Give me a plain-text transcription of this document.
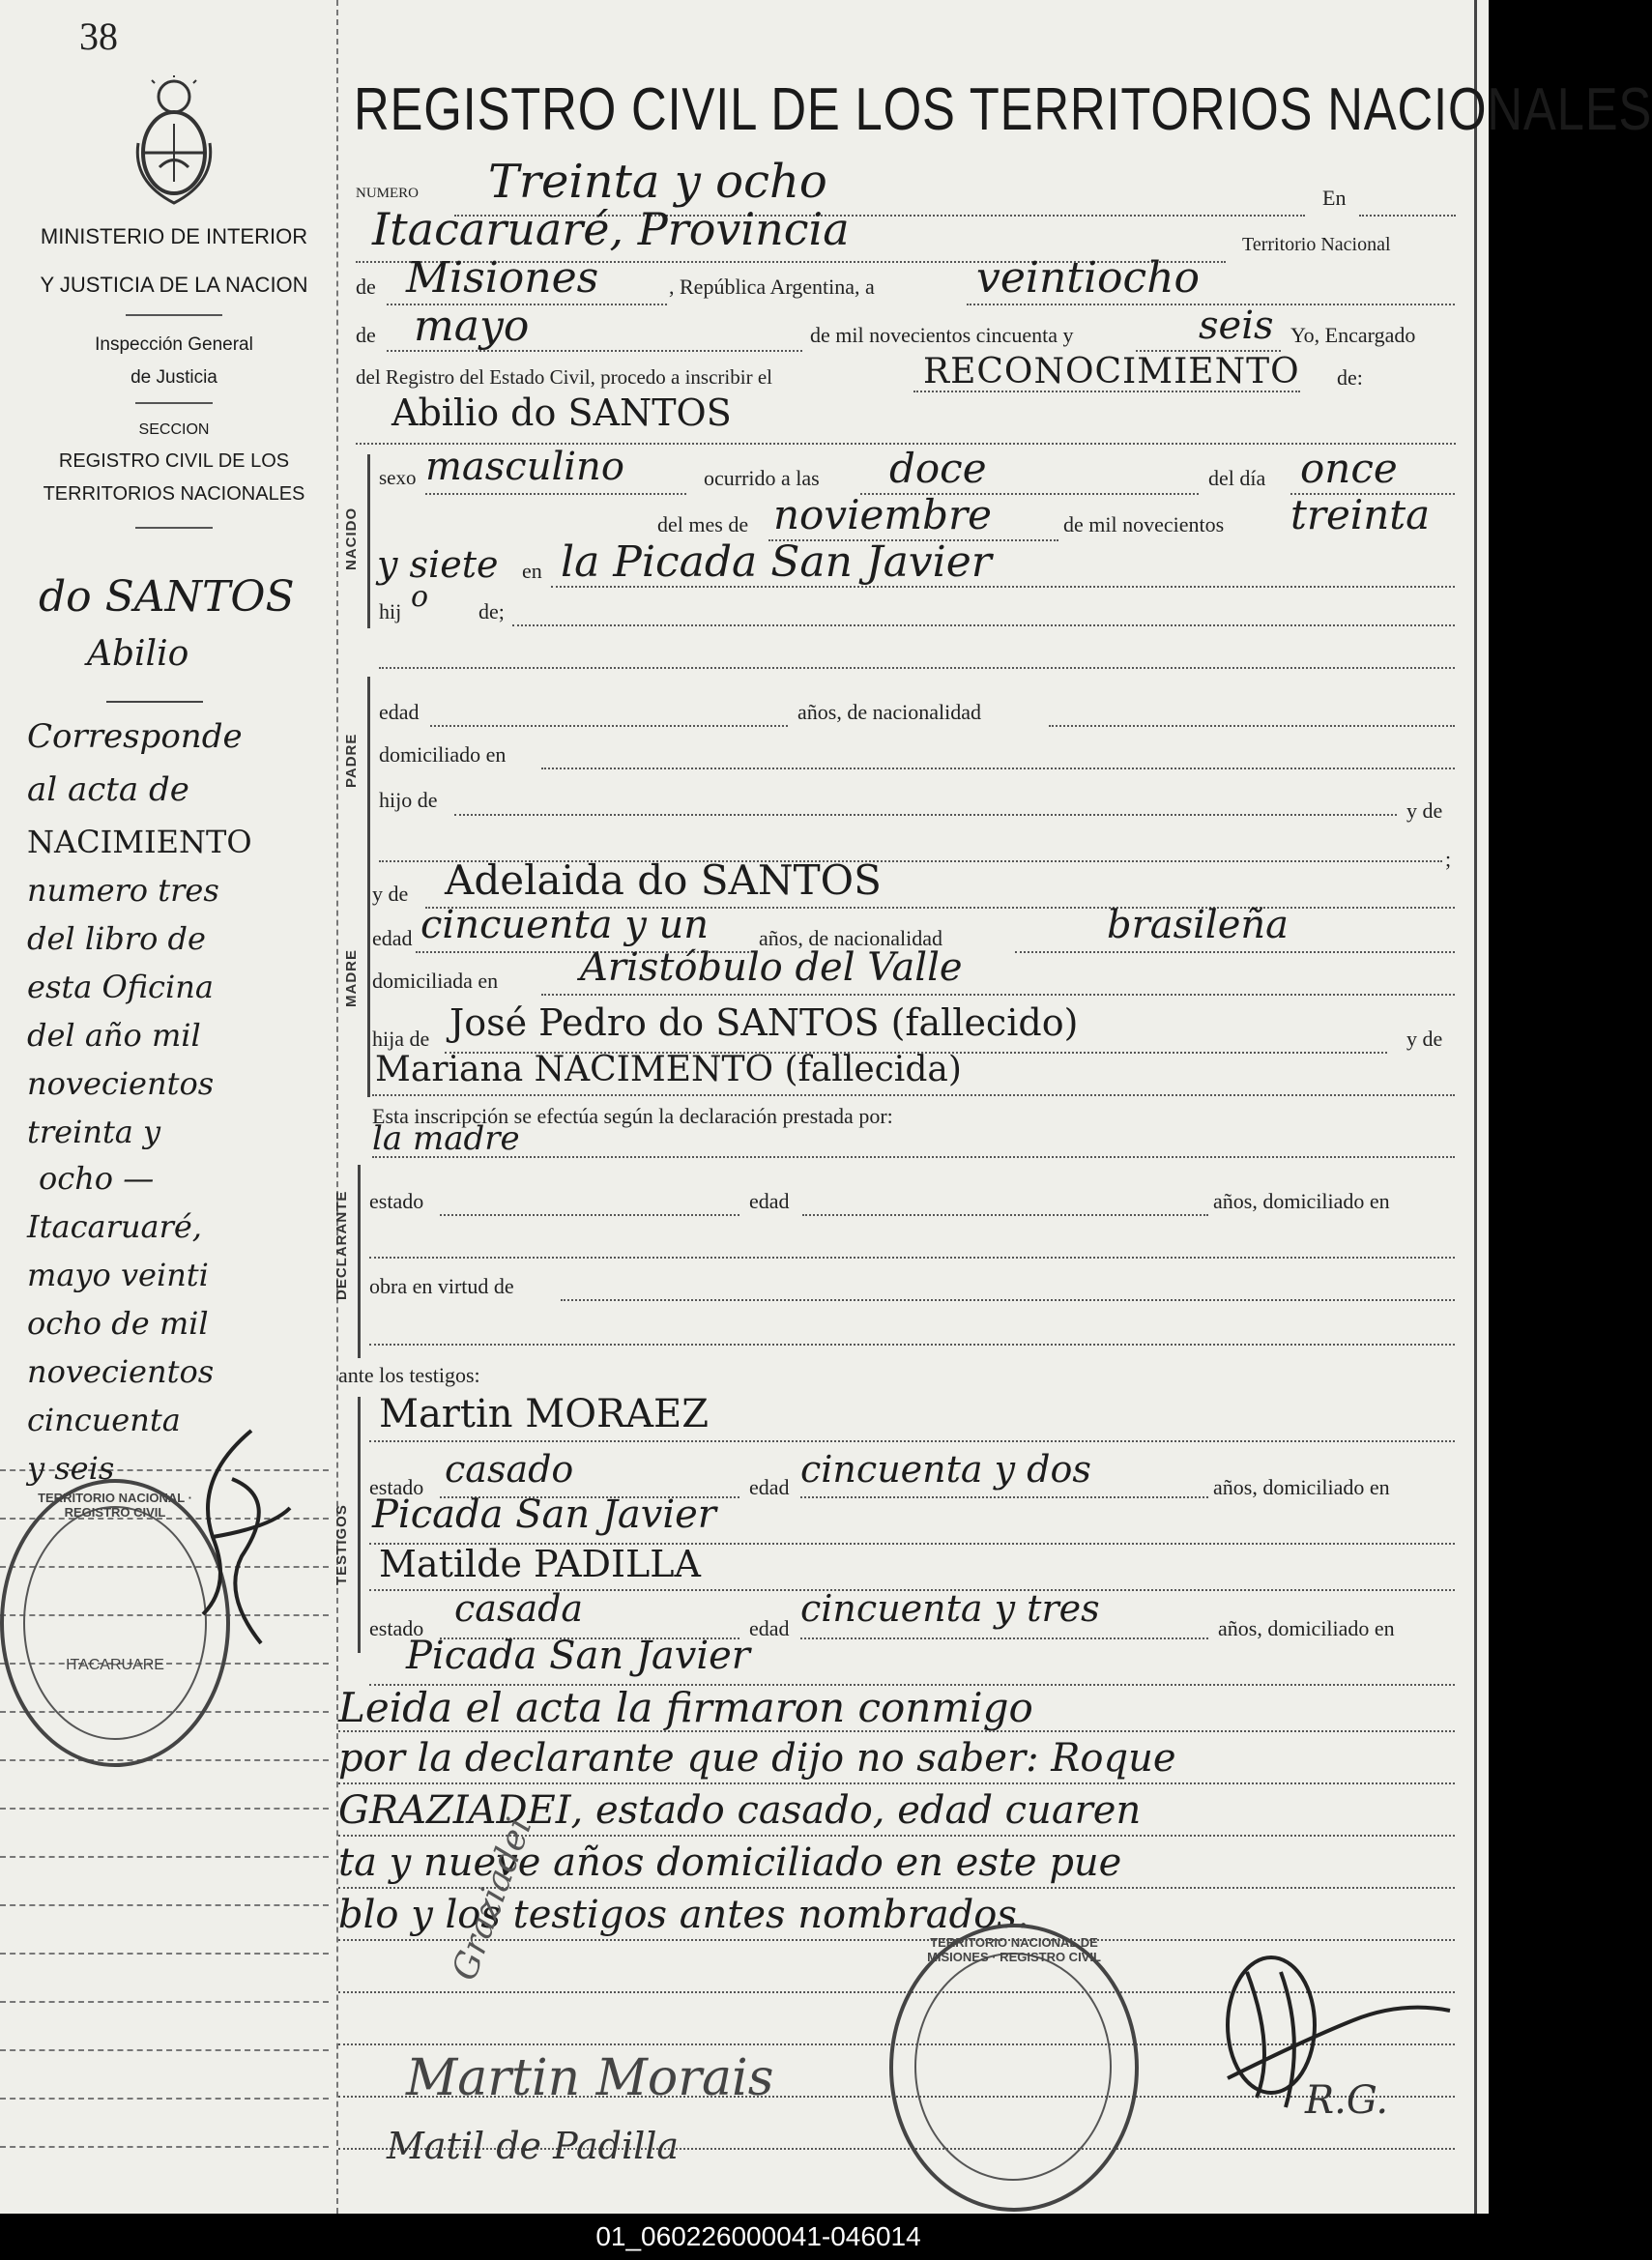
38
MINISTERIO DE INTERIOR
Y JUSTICIA DE LA NACION
Inspección General
de Justicia
SECCION
REGISTRO CIVIL DE LOS
TERRITORIOS NACIONALES
do SANTOS
Abilio
Corresponde
al acta de
NACIMIENTO
numero tres
del libro de
esta Oficina
del año mil
novecientos
treinta y
ocho —
Itacaruaré,
mayo veinti
ocho de mil
novecientos
cincuenta
y seis
TERRITORIO NACIONAL · REGISTRO CIVIL
ITACARUARE
REGISTRO CIVIL DE LOS TERRITORIOS NACIONALES
NUMERO Treinta y ocho	En
Itacaruaré, Provincia	Territorio Nacional
de Misiones	, República Argentina, a veintiocho
de mayo	de mil novecientos cincuenta y	seis Yo, Encargado
del Registro del Estado Civil, procedo a inscribir el	RECONOCIMIENTO de:
Abilio do SANTOS
NACIDO
sexo masculino	ocurrido a las doce	del día once
del mes de noviembre	de mil novecientos treinta
y siete en la Picada San Javier
hij o de;
PADRE
edad	años, de nacionalidad
domiciliado en
hijo de	y de
;
MADRE
y de Adelaida do SANTOS
edad cincuenta y un años, de nacionalidad	brasileña
domiciliada en Aristóbulo del Valle
hija de José Pedro do SANTOS (fallecido)	y de
Mariana NACIMENTO (fallecida)
Esta inscripción se efectúa según la declaración prestada por:
la madre
DECLARANTE estado	edad	años, domiciliado en
obra en virtud de
ante los testigos:
TESTIGOS
Martin MORAEZ
estado casado	edad cincuenta y dos	años, domiciliado en
Picada San Javier
Matilde PADILLA
estado casada	edad cincuenta y tres	años, domiciliado en
Picada San Javier
Leida el acta la firmaron conmigo
por la declarante que dijo no saber: Roque
GRAZIADEI, estado casado, edad cuaren
ta y nueve años domiciliado en este pue
blo y los testigos antes nombrados.
Graziadei
Martin Morais
Matil de Padilla
R.G.
TERRITORIO NACIONAL DE MISIONES · REGISTRO CIVIL
01_060226000041-046014
